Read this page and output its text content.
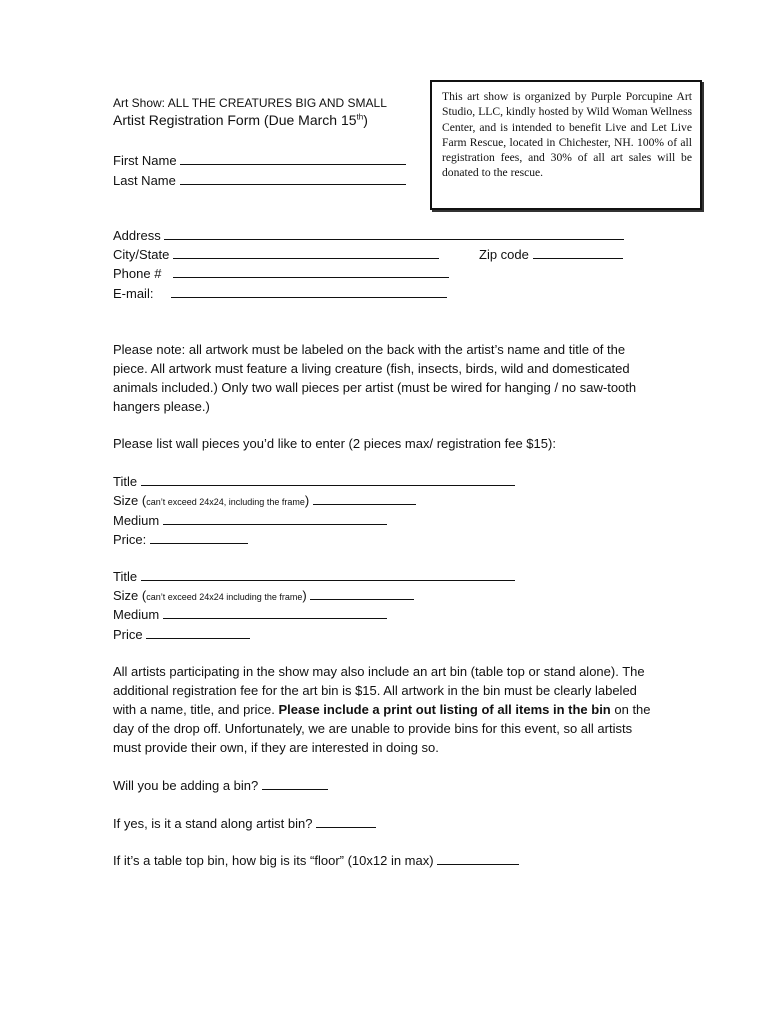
Art Show: ALL THE CREATURES BIG AND SMALL
Artist Registration Form (Due March 15th)
This art show is organized by Purple Porcupine Art Studio, LLC, kindly hosted by Wild Woman Wellness Center, and is intended to benefit Live and Let Live Farm Rescue, located in Chichester, NH. 100% of all registration fees, and 30% of all art sales will be donated to the rescue.
First Name
Last Name
Address
City/State	Zip code
Phone #
E-mail:
Please note: all artwork must be labeled on the back with the artist’s name and title of the piece. All artwork must feature a living creature (fish, insects, birds, wild and domesticated animals included.) Only two wall pieces per artist (must be wired for hanging / no saw-tooth hangers please.)
Please list wall pieces you’d like to enter (2 pieces max/ registration fee $15):
Title
Size (can’t exceed 24x24, including the frame)
Medium
Price:
Title
Size (can’t exceed 24x24 including the frame)
Medium
Price
All artists participating in the show may also include an art bin (table top or stand alone). The additional registration fee for the art bin is $15. All artwork in the bin must be clearly labeled with a name, title, and price. Please include a print out listing of all items in the bin on the day of the drop off. Unfortunately, we are unable to provide bins for this event, so all artists must provide their own, if they are interested in doing so.
Will you be adding a bin?
If yes, is it a stand along artist bin?
If it’s a table top bin, how big is its “floor” (10x12 in max)
